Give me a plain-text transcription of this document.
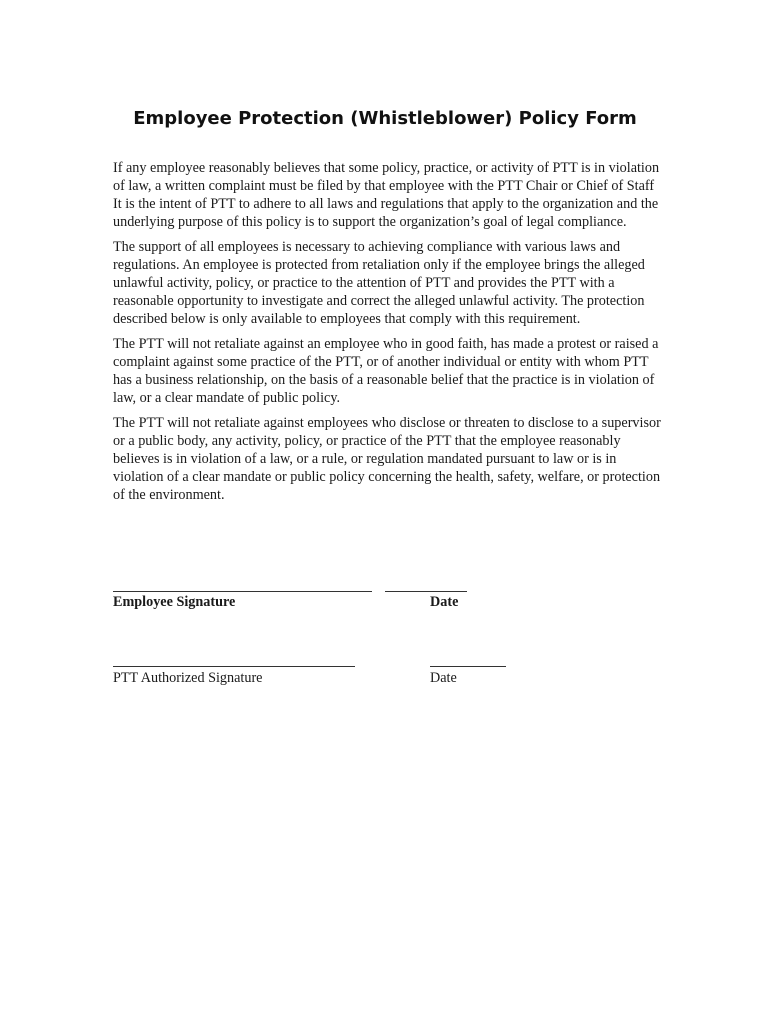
Employee Protection (Whistleblower) Policy Form

If any employee reasonably believes that some policy, practice, or activity of PTT is in violation of law, a written complaint must be filed by that employee with the PTT Chair or Chief of Staff It is the intent of PTT to adhere to all laws and regulations that apply to the organization and the underlying purpose of this policy is to support the organization’s goal of legal compliance.

The support of all employees is necessary to achieving compliance with various laws and regulations. An employee is protected from retaliation only if the employee brings the alleged unlawful activity, policy, or practice to the attention of PTT and provides the PTT with a reasonable opportunity to investigate and correct the alleged unlawful activity. The protection described below is only available to employees that comply with this requirement.

The PTT will not retaliate against an employee who in good faith, has made a protest or raised a complaint against some practice of the PTT, or of another individual or entity with whom PTT has a business relationship, on the basis of a reasonable belief that the practice is in violation of law, or a clear mandate of public policy.

The PTT will not retaliate against employees who disclose or threaten to disclose to a supervisor or a public body, any activity, policy, or practice of the PTT that the employee reasonably believes is in violation of a law, or a rule, or regulation mandated pursuant to law or is in violation of a clear mandate or public policy concerning the health, safety, welfare, or protection of the environment.

Employee Signature	Date
PTT Authorized Signature	Date
